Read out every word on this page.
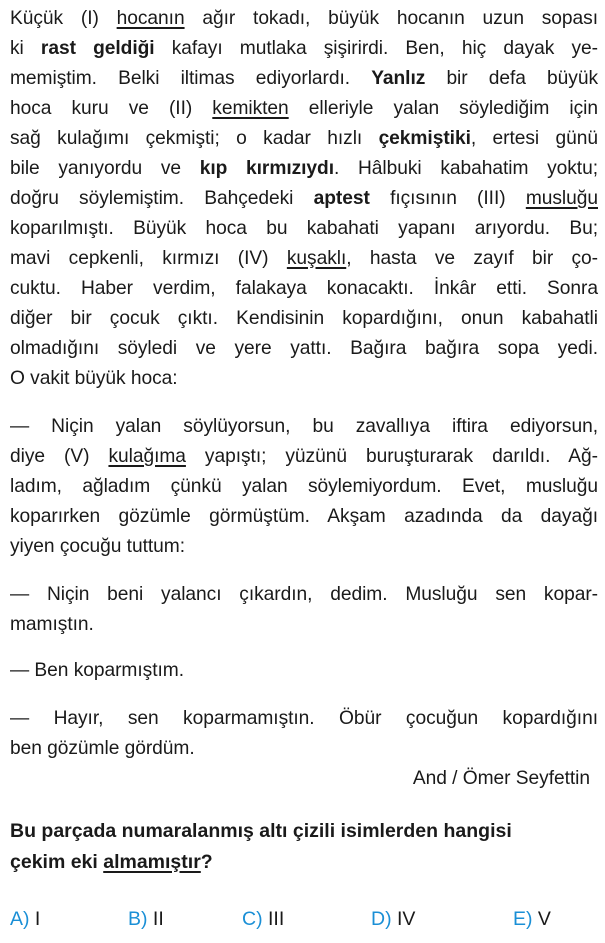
Küçük (I) hocanın ağır tokadı, büyük hocanın uzun sopası
ki rast geldiği kafayı mutlaka şişirirdi. Ben, hiç dayak ye-
memiştim. Belki iltimas ediyorlardı. Yanlız bir defa büyük
hoca kuru ve (II) kemikten elleriyle yalan söylediğim için
sağ kulağımı çekmişti; o kadar hızlı çekmiştiki, ertesi günü
bile yanıyordu ve kıp kırmızıydı. Hâlbuki kabahatim yoktu;
doğru söylemiştim. Bahçedeki aptest fıçısının (III) musluğu
koparılmıştı. Büyük hoca bu kabahati yapanı arıyordu. Bu;
mavi cepkenli, kırmızı (IV) kuşaklı, hasta ve zayıf bir ço-
cuktu. Haber verdim, falakaya konacaktı. İnkâr etti. Sonra
diğer bir çocuk çıktı. Kendisinin kopardığını, onun kabahatli
olmadığını söyledi ve yere yattı. Bağıra bağıra sopa yedi.
O vakit büyük hoca:
— Niçin yalan söylüyorsun, bu zavallıya iftira ediyorsun,
diye (V) kulağıma yapıştı; yüzünü buruşturarak darıldı. Ağ-
ladım, ağladım çünkü yalan söylemiyordum. Evet, musluğu
koparırken gözümle görmüştüm. Akşam azadında da dayağı
yiyen çocuğu tuttum:
— Niçin beni yalancı çıkardın, dedim. Musluğu sen kopar-
mamıştın.
— Ben koparmıştım.
— Hayır, sen koparmamıştın. Öbür çocuğun kopardığını
ben gözümle gördüm.
And / Ömer Seyfettin
Bu parçada numaralanmış altı çizili isimlerden hangisi
çekim eki almamıştır?
A) I	B) II	C) III	D) IV	E) V
